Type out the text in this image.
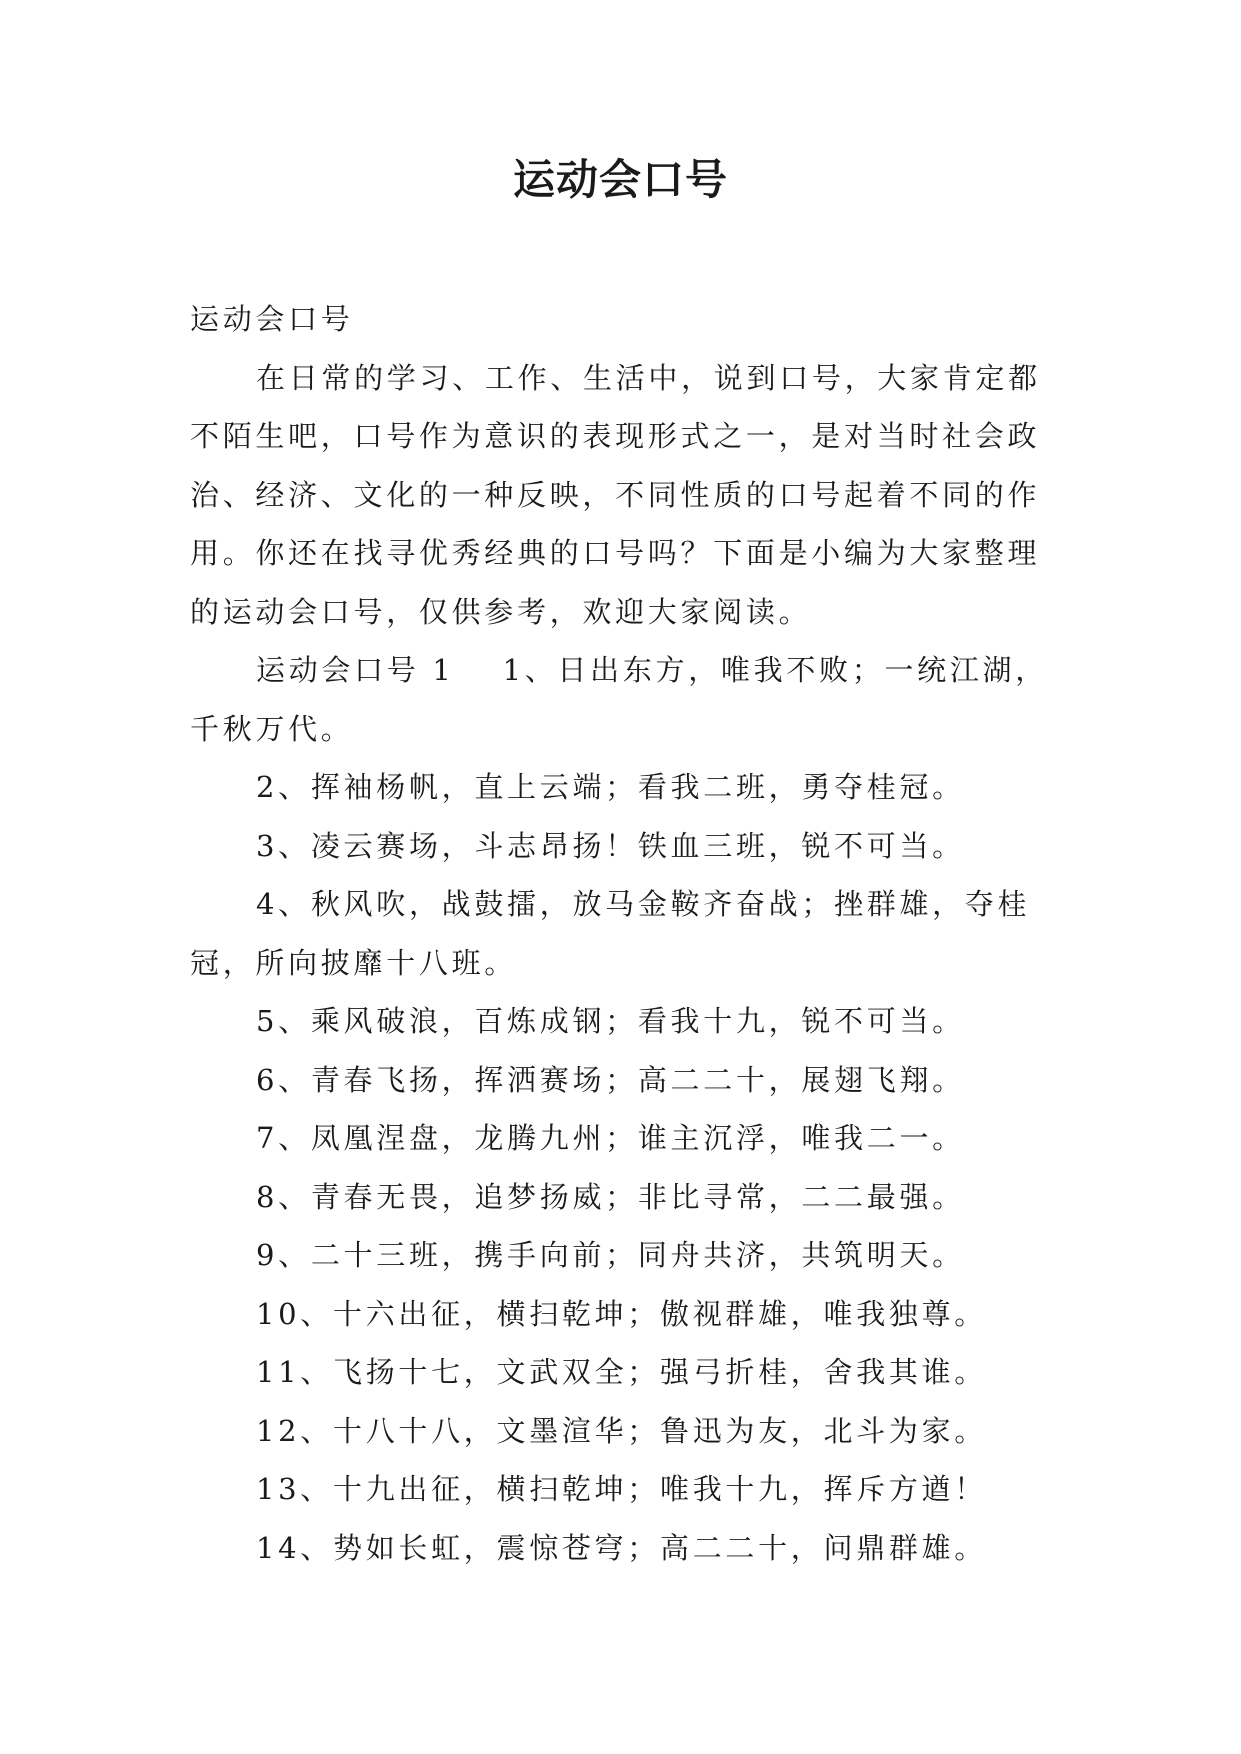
运动会口号

运动会口号

在日常的学习、工作、生活中，说到口号，大家肯定都不陌生吧，口号作为意识的表现形式之一，是对当时社会政治、经济、文化的一种反映，不同性质的口号起着不同的作用。你还在找寻优秀经典的口号吗？下面是小编为大家整理的运动会口号，仅供参考，欢迎大家阅读。

运动会口号 1 1、日出东方，唯我不败；一统江湖，千秋万代。

2、挥袖杨帆，直上云端；看我二班，勇夺桂冠。

3、凌云赛场，斗志昂扬！铁血三班，锐不可当。

4、秋风吹，战鼓擂，放马金鞍齐奋战；挫群雄，夺桂冠，所向披靡十八班。

5、乘风破浪，百炼成钢；看我十九，锐不可当。

6、青春飞扬，挥洒赛场；高二二十，展翅飞翔。

7、凤凰涅盘，龙腾九州；谁主沉浮，唯我二一。

8、青春无畏，追梦扬威；非比寻常，二二最强。

9、二十三班，携手向前；同舟共济，共筑明天。

10、十六出征，横扫乾坤；傲视群雄，唯我独尊。

11、飞扬十七，文武双全；强弓折桂，舍我其谁。

12、十八十八，文墨渲华；鲁迅为友，北斗为家。

13、十九出征，横扫乾坤；唯我十九，挥斥方遒！

14、势如长虹，震惊苍穹；高二二十，问鼎群雄。
